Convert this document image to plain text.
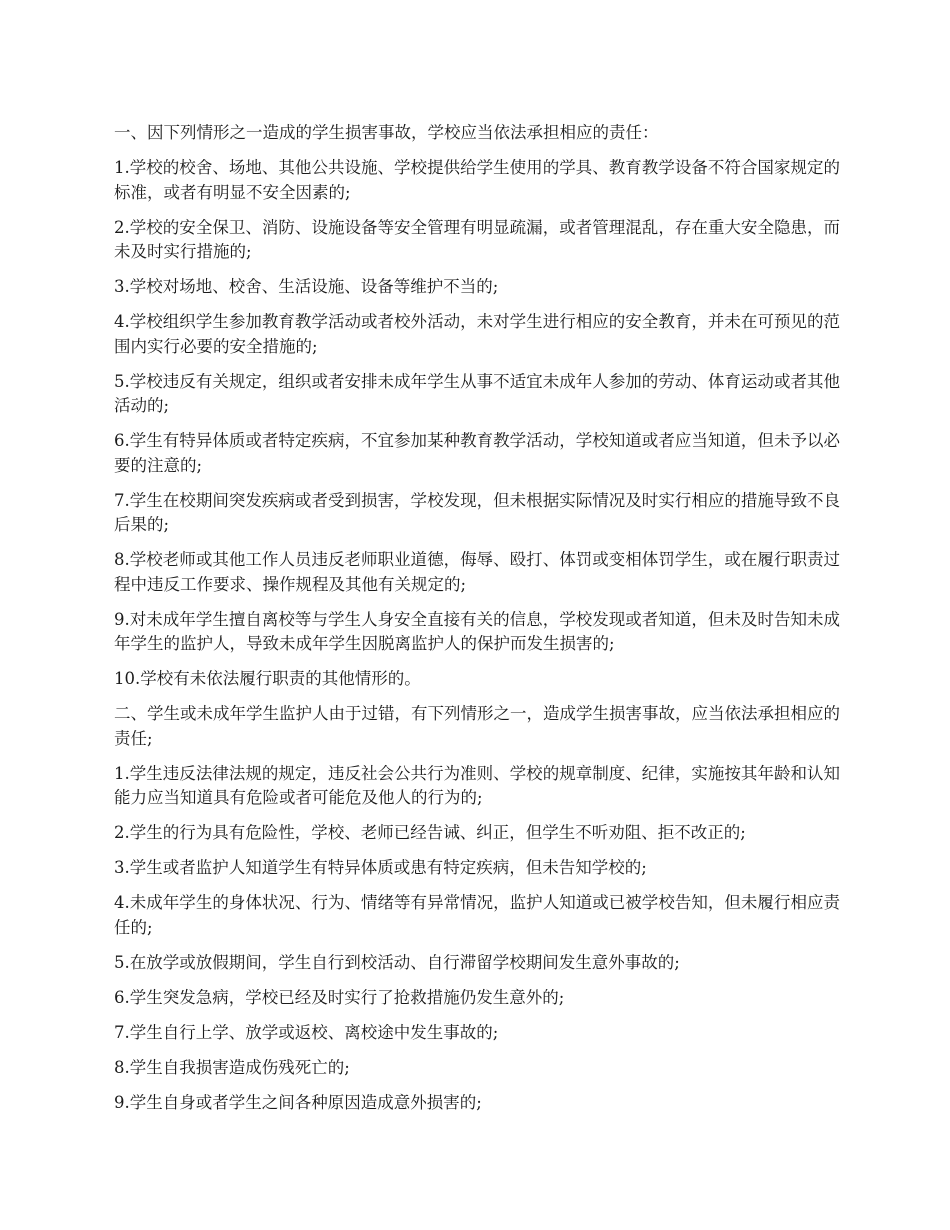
一、因下列情形之一造成的学生损害事故，学校应当依法承担相应的责任：

1.学校的校舍、场地、其他公共设施、学校提供给学生使用的学具、教育教学设备不符合国家规定的标准，或者有明显不安全因素的;

2.学校的安全保卫、消防、设施设备等安全管理有明显疏漏，或者管理混乱，存在重大安全隐患，而未及时实行措施的;

3.学校对场地、校舍、生活设施、设备等维护不当的;

4.学校组织学生参加教育教学活动或者校外活动，未对学生进行相应的安全教育，并未在可预见的范围内实行必要的安全措施的;

5.学校违反有关规定，组织或者安排未成年学生从事不适宜未成年人参加的劳动、体育运动或者其他活动的;

6.学生有特异体质或者特定疾病，不宜参加某种教育教学活动，学校知道或者应当知道，但未予以必要的注意的;

7.学生在校期间突发疾病或者受到损害，学校发现，但未根据实际情况及时实行相应的措施导致不良后果的;

8.学校老师或其他工作人员违反老师职业道德，侮辱、殴打、体罚或变相体罚学生，或在履行职责过程中违反工作要求、操作规程及其他有关规定的;

9.对未成年学生擅自离校等与学生人身安全直接有关的信息，学校发现或者知道，但未及时告知未成年学生的监护人，导致未成年学生因脱离监护人的保护而发生损害的;

10.学校有未依法履行职责的其他情形的。

二、学生或未成年学生监护人由于过错，有下列情形之一，造成学生损害事故，应当依法承担相应的责任;

1.学生违反法律法规的规定，违反社会公共行为准则、学校的规章制度、纪律，实施按其年龄和认知能力应当知道具有危险或者可能危及他人的行为的;

2.学生的行为具有危险性，学校、老师已经告诫、纠正，但学生不听劝阻、拒不改正的;

3.学生或者监护人知道学生有特异体质或患有特定疾病，但未告知学校的;

4.未成年学生的身体状况、行为、情绪等有异常情况，监护人知道或已被学校告知，但未履行相应责任的;

5.在放学或放假期间，学生自行到校活动、自行滞留学校期间发生意外事故的;

6.学生突发急病，学校已经及时实行了抢救措施仍发生意外的;

7.学生自行上学、放学或返校、离校途中发生事故的;

8.学生自我损害造成伤残死亡的;

9.学生自身或者学生之间各种原因造成意外损害的;
